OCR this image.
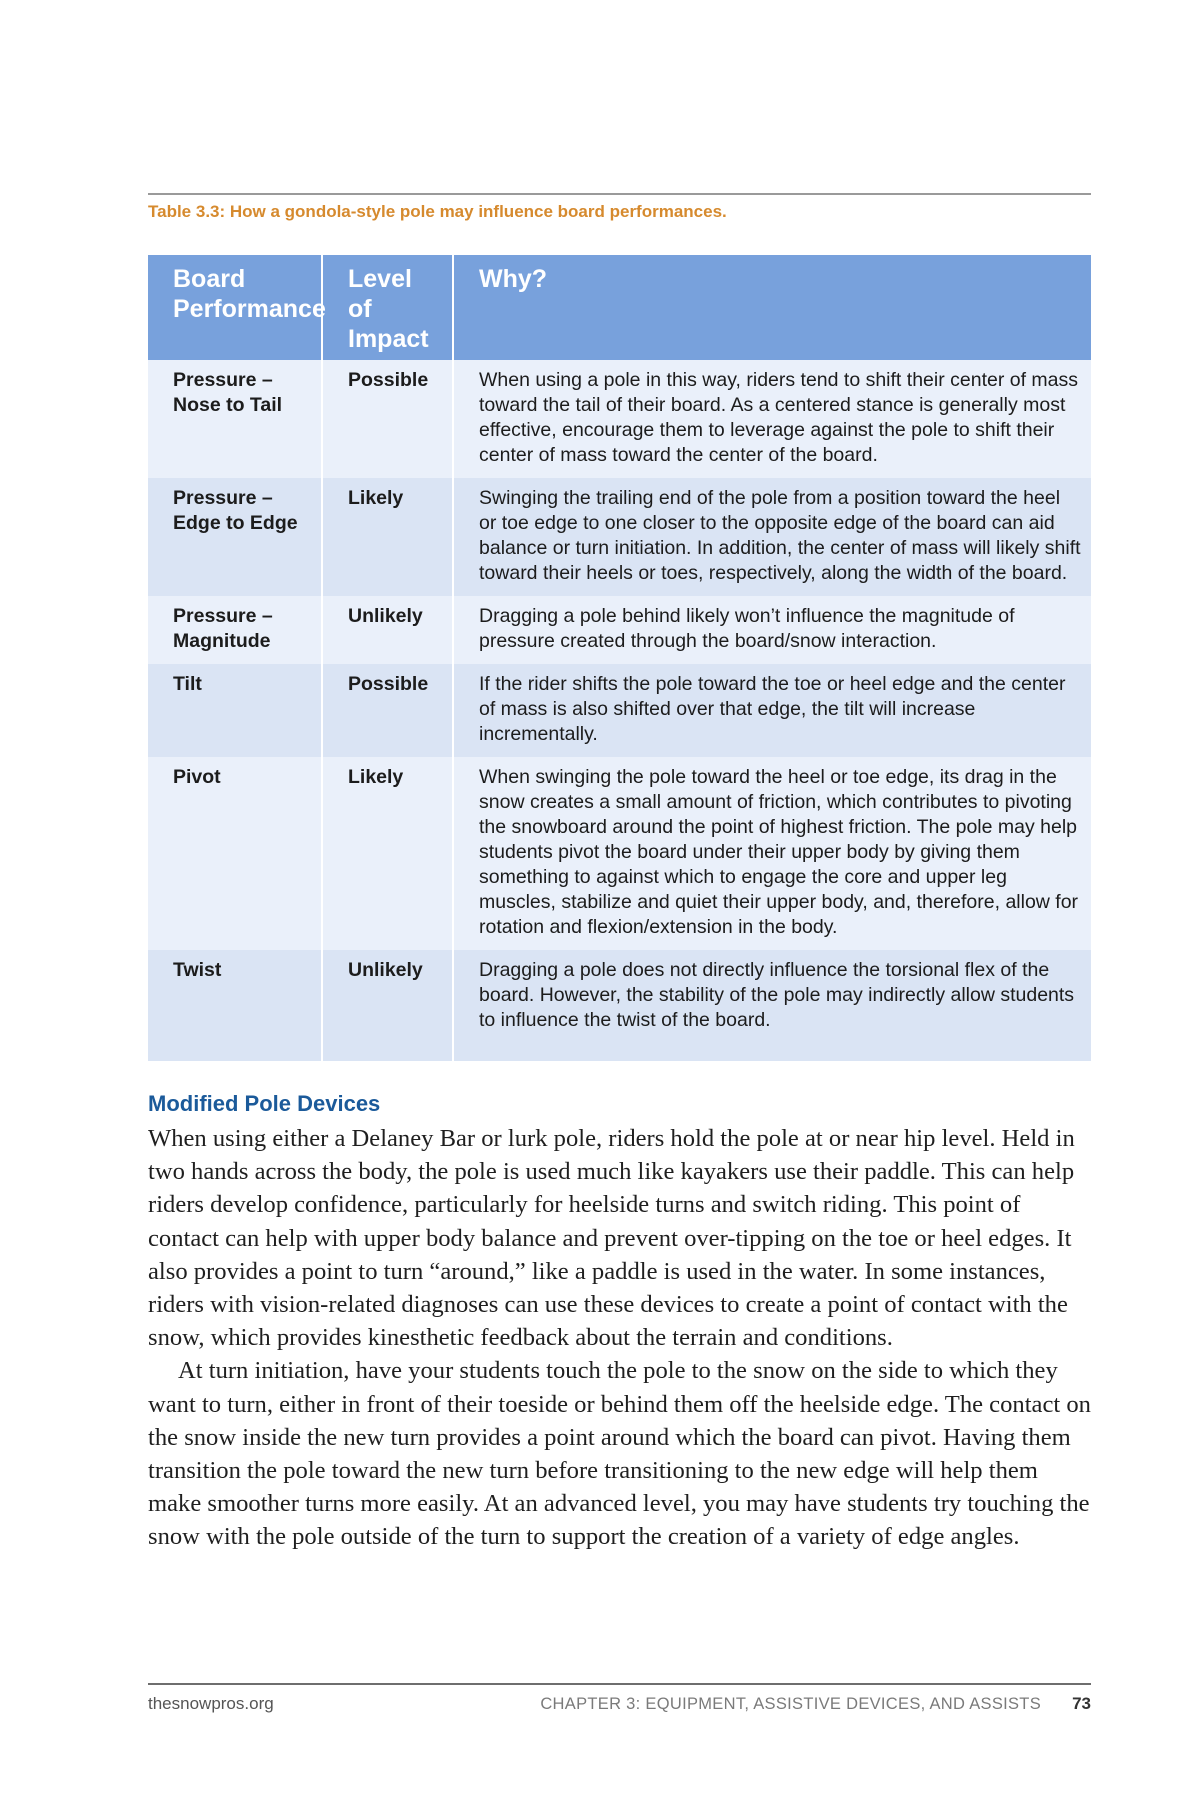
Table 3.3: How a gondola-style pole may influence board performances.
Board Performance	Level of Impact	Why?
Pressure – Nose to Tail	Possible	When using a pole in this way, riders tend to shift their center of mass toward the tail of their board. As a centered stance is generally most effective, encourage them to leverage against the pole to shift their center of mass toward the center of the board.
Pressure – Edge to Edge	Likely	Swinging the trailing end of the pole from a position toward the heel or toe edge to one closer to the opposite edge of the board can aid balance or turn initiation. In addition, the center of mass will likely shift toward their heels or toes, respectively, along the width of the board.
Pressure – Magnitude	Unlikely	Dragging a pole behind likely won’t influence the magnitude of pressure created through the board/snow interaction.
Tilt	Possible	If the rider shifts the pole toward the toe or heel edge and the center of mass is also shifted over that edge, the tilt will increase incrementally.
Pivot	Likely	When swinging the pole toward the heel or toe edge, its drag in the snow creates a small amount of friction, which contributes to pivoting the snowboard around the point of highest friction. The pole may help students pivot the board under their upper body by giving them something to against which to engage the core and upper leg muscles, stabilize and quiet their upper body, and, therefore, allow for rotation and flexion/extension in the body.
Twist	Unlikely	Dragging a pole does not directly influence the torsional flex of the board. However, the stability of the pole may indirectly allow students to influence the twist of the board.

Modified Pole Devices

When using either a Delaney Bar or lurk pole, riders hold the pole at or near hip level. Held in two hands across the body, the pole is used much like kayakers use their paddle. This can help riders develop confidence, particularly for heelside turns and switch riding. This point of contact can help with upper body balance and prevent over-tipping on the toe or heel edges. It also provides a point to turn “around,” like a paddle is used in the water. In some instances, riders with vision-related diagnoses can use these devices to create a point of contact with the snow, which provides kinesthetic feedback about the terrain and conditions.

At turn initiation, have your students touch the pole to the snow on the side to which they want to turn, either in front of their toeside or behind them off the heelside edge. The contact on the snow inside the new turn provides a point around which the board can pivot. Having them transition the pole toward the new turn before transitioning to the new edge will help them make smoother turns more easily. At an advanced level, you may have students try touching the snow with the pole outside of the turn to support the creation of a variety of edge angles.

thesnowpros.org	CHAPTER 3: EQUIPMENT, ASSISTIVE DEVICES, AND ASSISTS 73
